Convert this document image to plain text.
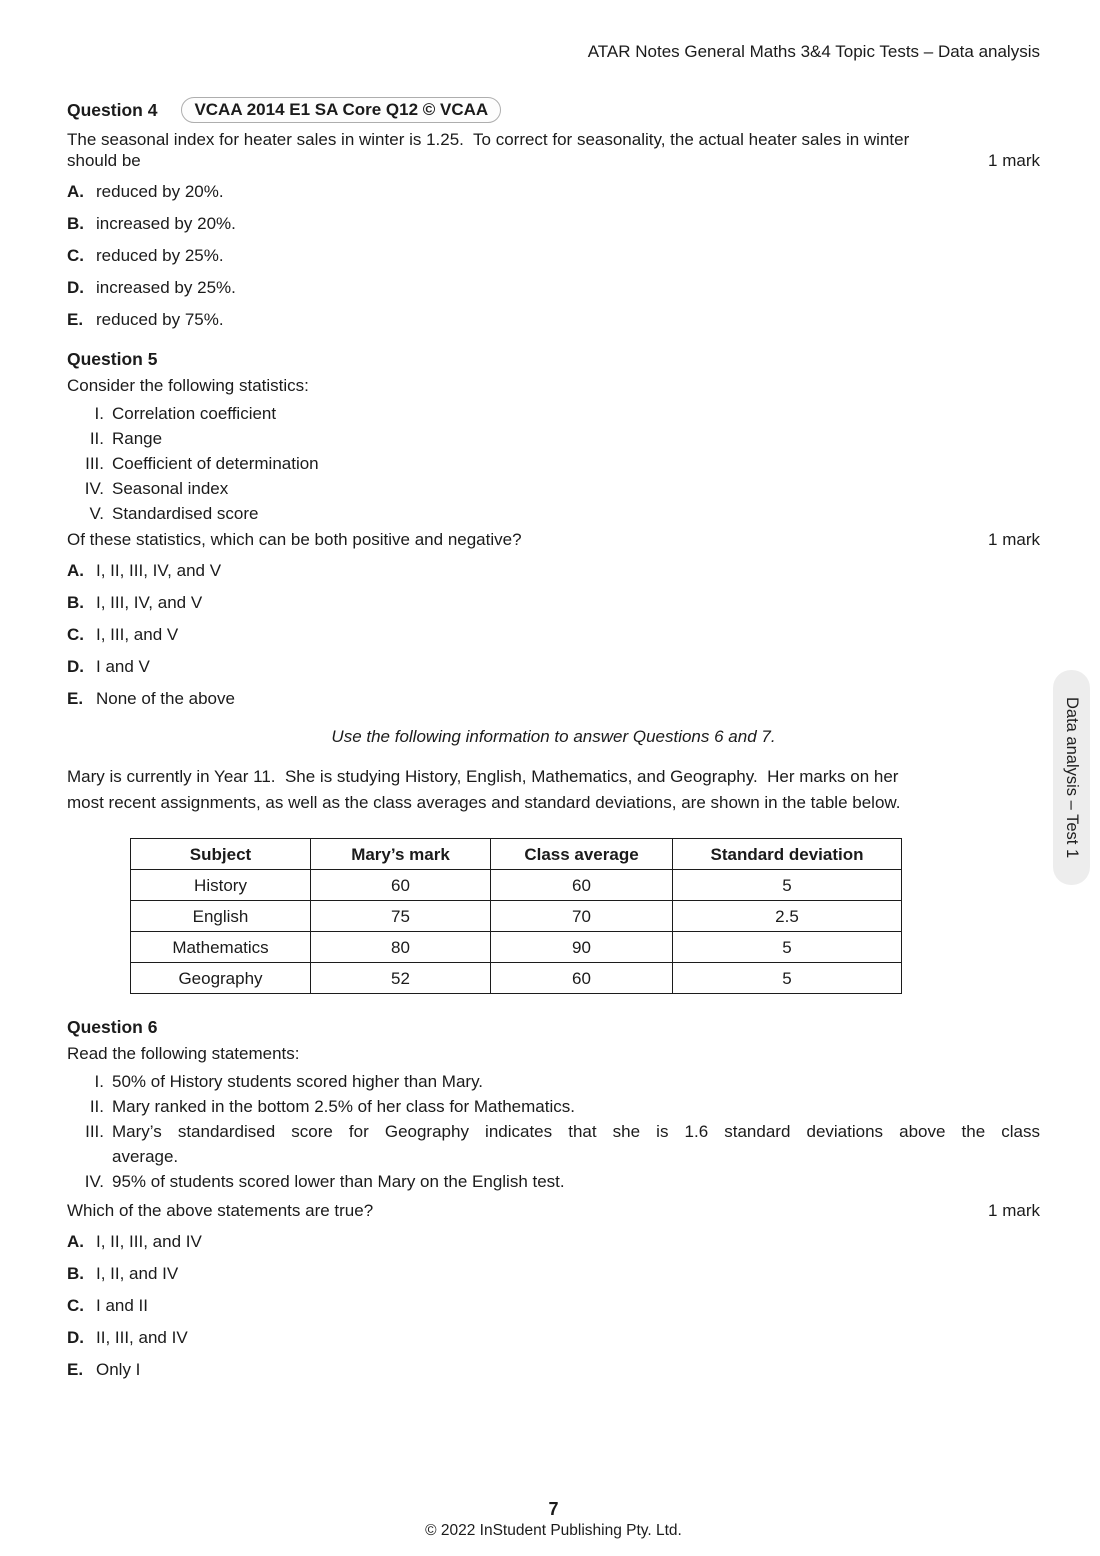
ATAR Notes General Maths 3&4 Topic Tests – Data analysis
Question 4	VCAA 2014 E1 SA Core Q12 © VCAA
The seasonal index for heater sales in winter is 1.25.  To correct for seasonality, the actual heater sales in winter
should be	1 mark
A. reduced by 20%.
B. increased by 20%.
C. reduced by 25%.
D. increased by 25%.
E. reduced by 75%.
Question 5
Consider the following statistics:
I. Correlation coefficient
II. Range
III. Coefficient of determination
IV. Seasonal index
V. Standardised score
Of these statistics, which can be both positive and negative?	1 mark
A. I, II, III, IV, and V
B. I, III, IV, and V
C. I, III, and V
D. I and V
E. None of the above
Use the following information to answer Questions 6 and 7.
Mary is currently in Year 11.  She is studying History, English, Mathematics, and Geography.  Her marks on her
most recent assignments, as well as the class averages and standard deviations, are shown in the table below.
Subject	Mary’s mark	Class average	Standard deviation
History	60	60	5
English	75	70	2.5
Mathematics	80	90	5
Geography	52	60	5
Question 6
Read the following statements:
I. 50% of History students scored higher than Mary.
II. Mary ranked in the bottom 2.5% of her class for Mathematics.
III. Mary’s standardised score for Geography indicates that she is 1.6 standard deviations above the class
average.
IV. 95% of students scored lower than Mary on the English test.
Which of the above statements are true?	1 mark
A. I, II, III, and IV
B. I, II, and IV
C. I and II
D. II, III, and IV
E. Only I
7
© 2022 InStudent Publishing Pty. Ltd.
Data analysis – Test 1
